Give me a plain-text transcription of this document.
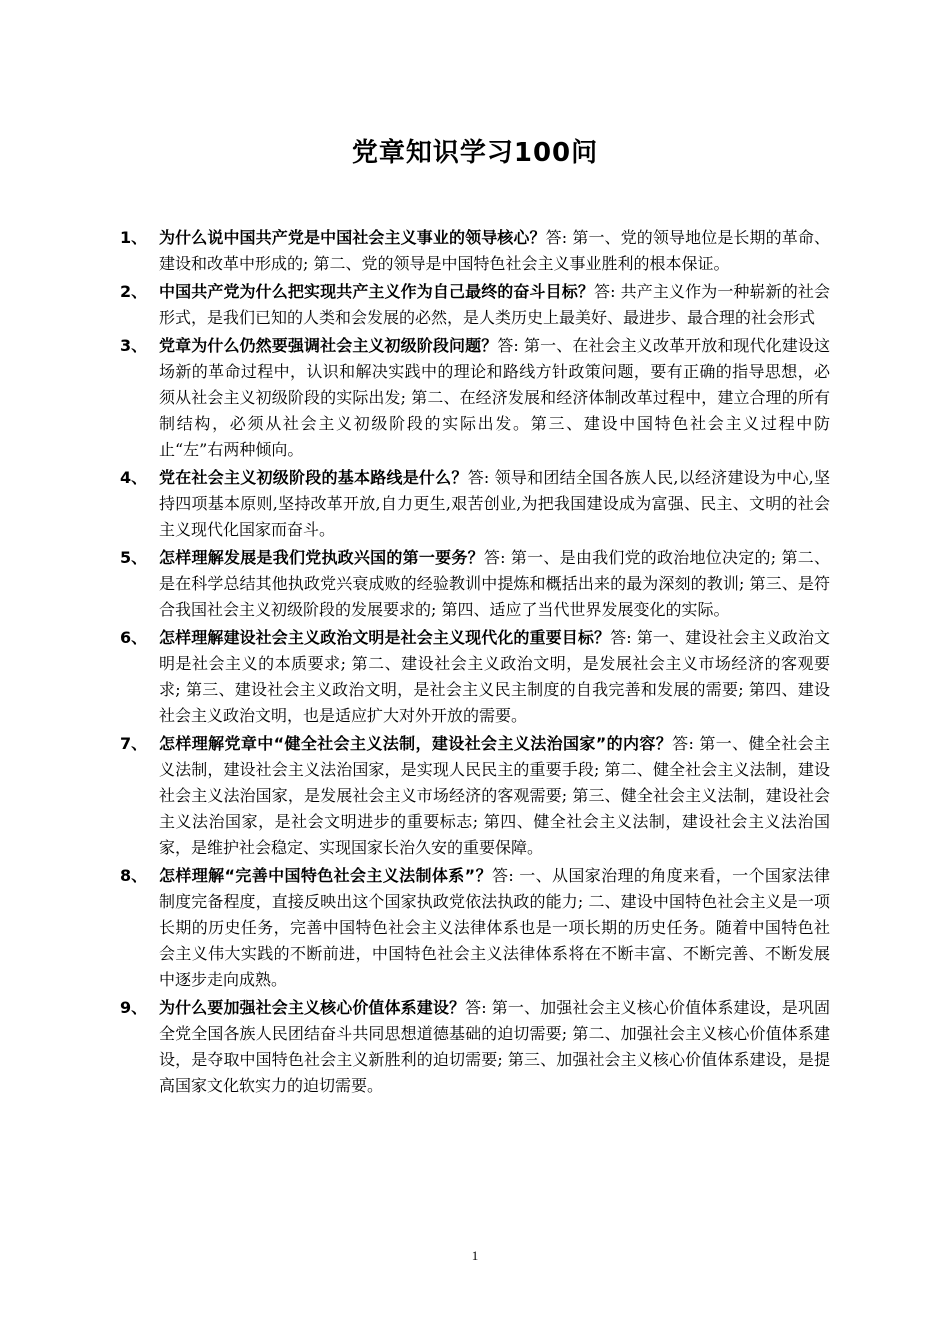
党章知识学习100问

1、 为什么说中国共产党是中国社会主义事业的领导核心？答: 第一、党的领导地位是长期的革命、建设和改革中形成的; 第二、党的领导是中国特色社会主义事业胜利的根本保证。

2、 中国共产党为什么把实现共产主义作为自己最终的奋斗目标？答: 共产主义作为一种崭新的社会形式，是我们已知的人类和会发展的必然，是人类历史上最美好、最进步、最合理的社会形式

3、 党章为什么仍然要强调社会主义初级阶段问题？答: 第一、在社会主义改革开放和现代化建设这场新的革命过程中，认识和解决实践中的理论和路线方针政策问题，要有正确的指导思想，必须从社会主义初级阶段的实际出发; 第二、在经济发展和经济体制改革过程中，建立合理的所有制结构，必须从社会主义初级阶段的实际出发。第三、建设中国特色社会主义过程中防止“左”右两种倾向。

4、 党在社会主义初级阶段的基本路线是什么？答: 领导和团结全国各族人民,以经济建设为中心,坚持四项基本原则,坚持改革开放,自力更生,艰苦创业,为把我国建设成为富强、民主、文明的社会主义现代化国家而奋斗。

5、 怎样理解发展是我们党执政兴国的第一要务？答: 第一、是由我们党的政治地位决定的; 第二、是在科学总结其他执政党兴衰成败的经验教训中提炼和概括出来的最为深刻的教训; 第三、是符合我国社会主义初级阶段的发展要求的; 第四、适应了当代世界发展变化的实际。

6、 怎样理解建设社会主义政治文明是社会主义现代化的重要目标？答: 第一、建设社会主义政治文明是社会主义的本质要求; 第二、建设社会主义政治文明，是发展社会主义市场经济的客观要求; 第三、建设社会主义政治文明，是社会主义民主制度的自我完善和发展的需要; 第四、建设社会主义政治文明，也是适应扩大对外开放的需要。

7、 怎样理解党章中“健全社会主义法制，建设社会主义法治国家”的内容？答: 第一、健全社会主义法制，建设社会主义法治国家，是实现人民民主的重要手段; 第二、健全社会主义法制，建设社会主义法治国家，是发展社会主义市场经济的客观需要; 第三、健全社会主义法制，建设社会主义法治国家，是社会文明进步的重要标志; 第四、健全社会主义法制，建设社会主义法治国家，是维护社会稳定、实现国家长治久安的重要保障。

8、 怎样理解“完善中国特色社会主义法制体系”？答: 一、从国家治理的角度来看，一个国家法律制度完备程度，直接反映出这个国家执政党依法执政的能力; 二、建设中国特色社会主义是一项长期的历史任务，完善中国特色社会主义法律体系也是一项长期的历史任务。随着中国特色社会主义伟大实践的不断前进，中国特色社会主义法律体系将在不断丰富、不断完善、不断发展中逐步走向成熟。

9、 为什么要加强社会主义核心价值体系建设？答: 第一、加强社会主义核心价值体系建设，是巩固全党全国各族人民团结奋斗共同思想道德基础的迫切需要; 第二、加强社会主义核心价值体系建设，是夺取中国特色社会主义新胜利的迫切需要; 第三、加强社会主义核心价值体系建设，是提高国家文化软实力的迫切需要。

1
